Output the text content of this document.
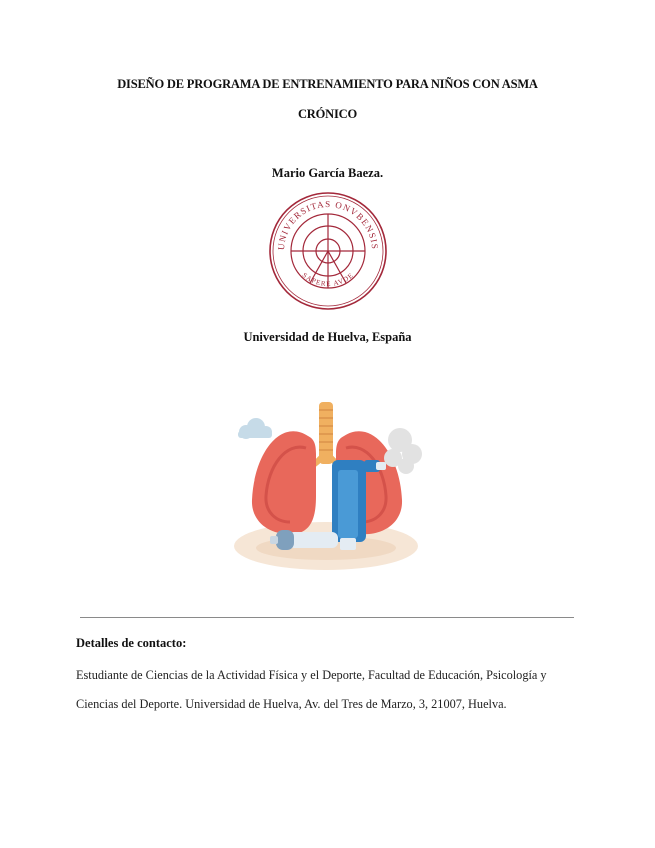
DISEÑO DE PROGRAMA DE ENTRENAMIENTO PARA NIÑOS CON ASMA
CRÓNICO
Mario García Baeza.
UNIVERSITAS ONVBENSIS
SAPERE AVDE
Universidad de Huelva, España
Detalles de contacto:
Estudiante de Ciencias de la Actividad Física y el Deporte, Facultad de Educación, Psicología y
Ciencias del Deporte. Universidad de Huelva, Av. del Tres de Marzo, 3, 21007, Huelva.
